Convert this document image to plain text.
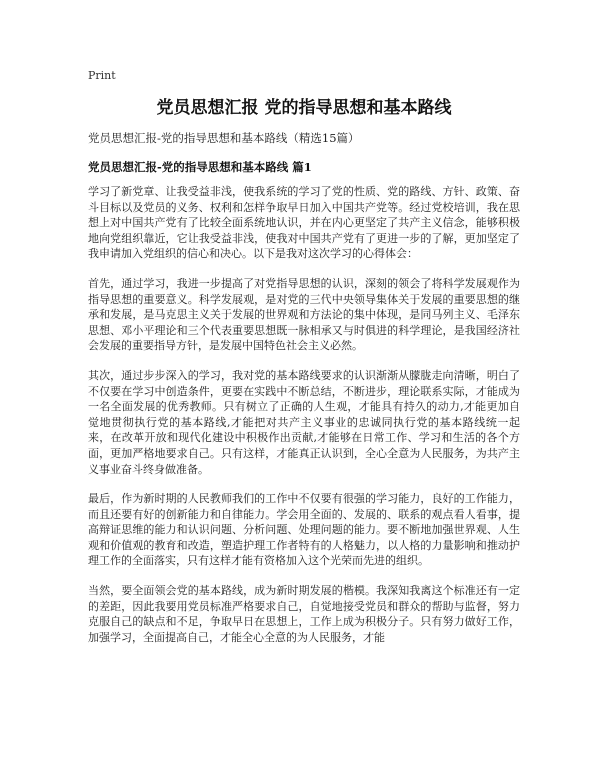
Print
党员思想汇报 党的指导思想和基本路线
党员思想汇报-党的指导思想和基本路线（精选15篇）
党员思想汇报-党的指导思想和基本路线 篇1

学习了新党章、让我受益非浅，使我系统的学习了党的性质、党的路线、方针、政策、奋斗目标以及党员的义务、权利和怎样争取早日加入中国共产党等。经过党校培训，我在思想上对中国共产党有了比较全面系统地认识，并在内心更坚定了共产主义信念，能够积极地向党组织靠近，它让我受益非浅，使我对中国共产党有了更进一步的了解，更加坚定了我申请加入党组织的信心和决心。以下是我对这次学习的心得体会：

首先，通过学习，我进一步提高了对党指导思想的认识，深刻的领会了将科学发展观作为指导思想的重要意义。科学发展观，是对党的三代中央领导集体关于发展的重要思想的继承和发展，是马克思主义关于发展的世界观和方法论的集中体现，是同马列主义、毛泽东思想、邓小平理论和三个代表重要思想既一脉相承又与时俱进的科学理论，是我国经济社会发展的重要指导方针，是发展中国特色社会主义必然。

其次，通过步步深入的学习，我对党的基本路线要求的认识渐渐从朦胧走向清晰，明白了不仅要在学习中创造条件，更要在实践中不断总结，不断进步，理论联系实际，才能成为一名全面发展的优秀教师。只有树立了正确的人生观，才能具有持久的动力,才能更加自觉地贯彻执行党的基本路线,才能把对共产主义事业的忠诚同执行党的基本路线统一起来，在改革开放和现代化建设中积极作出贡献,才能够在日常工作、学习和生活的各个方面，更加严格地要求自己。只有这样，才能真正认识到，全心全意为人民服务，为共产主义事业奋斗终身做准备。

最后，作为新时期的人民教师我们的工作中不仅要有很强的学习能力，良好的工作能力，而且还要有好的创新能力和自律能力。学会用全面的、发展的、联系的观点看人看事，提高辩证思维的能力和认识问题、分析问题、处理问题的能力。要不断地加强世界观、人生观和价值观的教育和改造，塑造护理工作者特有的人格魅力，以人格的力量影响和推动护理工作的全面落实，只有这样才能有资格加入这个光荣而先进的组织。

当然，要全面领会党的基本路线，成为新时期发展的楷模。我深知我离这个标准还有一定的差距，因此我要用党员标准严格要求自己，自觉地接受党员和群众的帮助与监督，努力克服自己的缺点和不足，争取早日在思想上，工作上成为积极分子。只有努力做好工作，加强学习，全面提高自己，才能全心全意的为人民服务，才能
